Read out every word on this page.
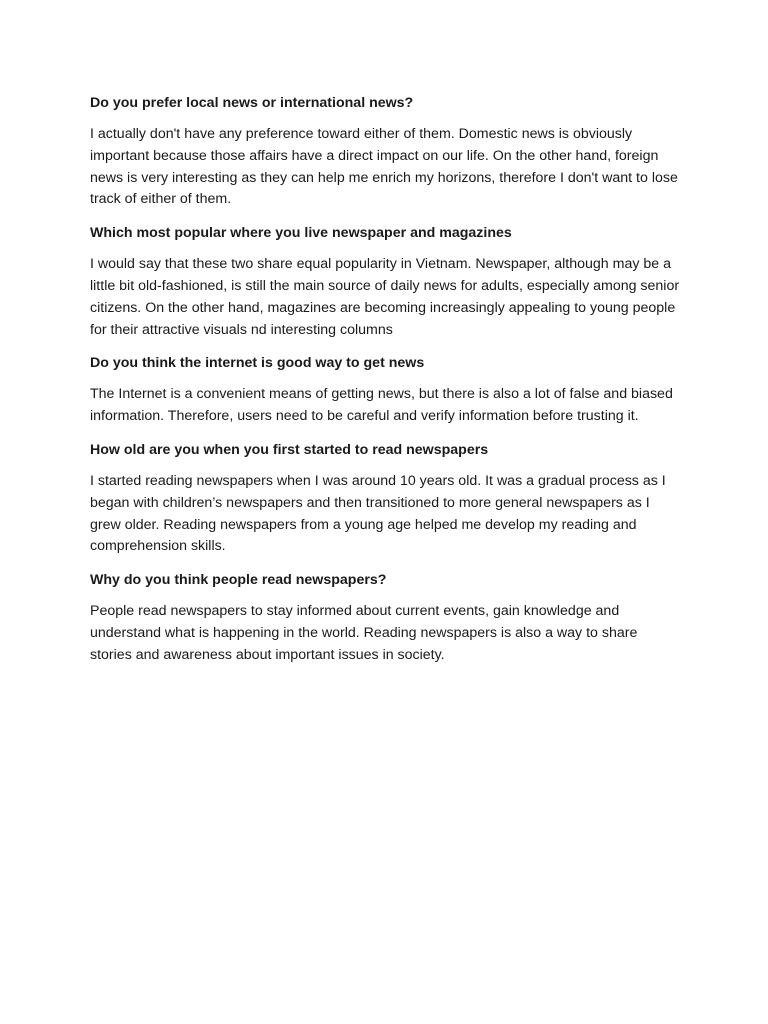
Do you prefer local news or international news?

I actually don't have any preference toward either of them. Domestic news is obviously important because those affairs have a direct impact on our life. On the other hand, foreign news is very interesting as they can help me enrich my horizons, therefore I don't want to lose track of either of them.

Which most popular where you live newspaper and magazines

I would say that these two share equal popularity in Vietnam. Newspaper, although may be a little bit old-fashioned, is still the main source of daily news for adults, especially among senior citizens. On the other hand, magazines are becoming increasingly appealing to young people for their attractive visuals nd interesting columns

Do you think the internet is good way to get news

The Internet is a convenient means of getting news, but there is also a lot of false and biased information. Therefore, users need to be careful and verify information before trusting it.

How old are you when you first started to read newspapers

I started reading newspapers when I was around 10 years old. It was a gradual process as I began with children’s newspapers and then transitioned to more general newspapers as I grew older. Reading newspapers from a young age helped me develop my reading and comprehension skills.

Why do you think people read newspapers?

People read newspapers to stay informed about current events, gain knowledge and understand what is happening in the world. Reading newspapers is also a way to share stories and awareness about important issues in society.
